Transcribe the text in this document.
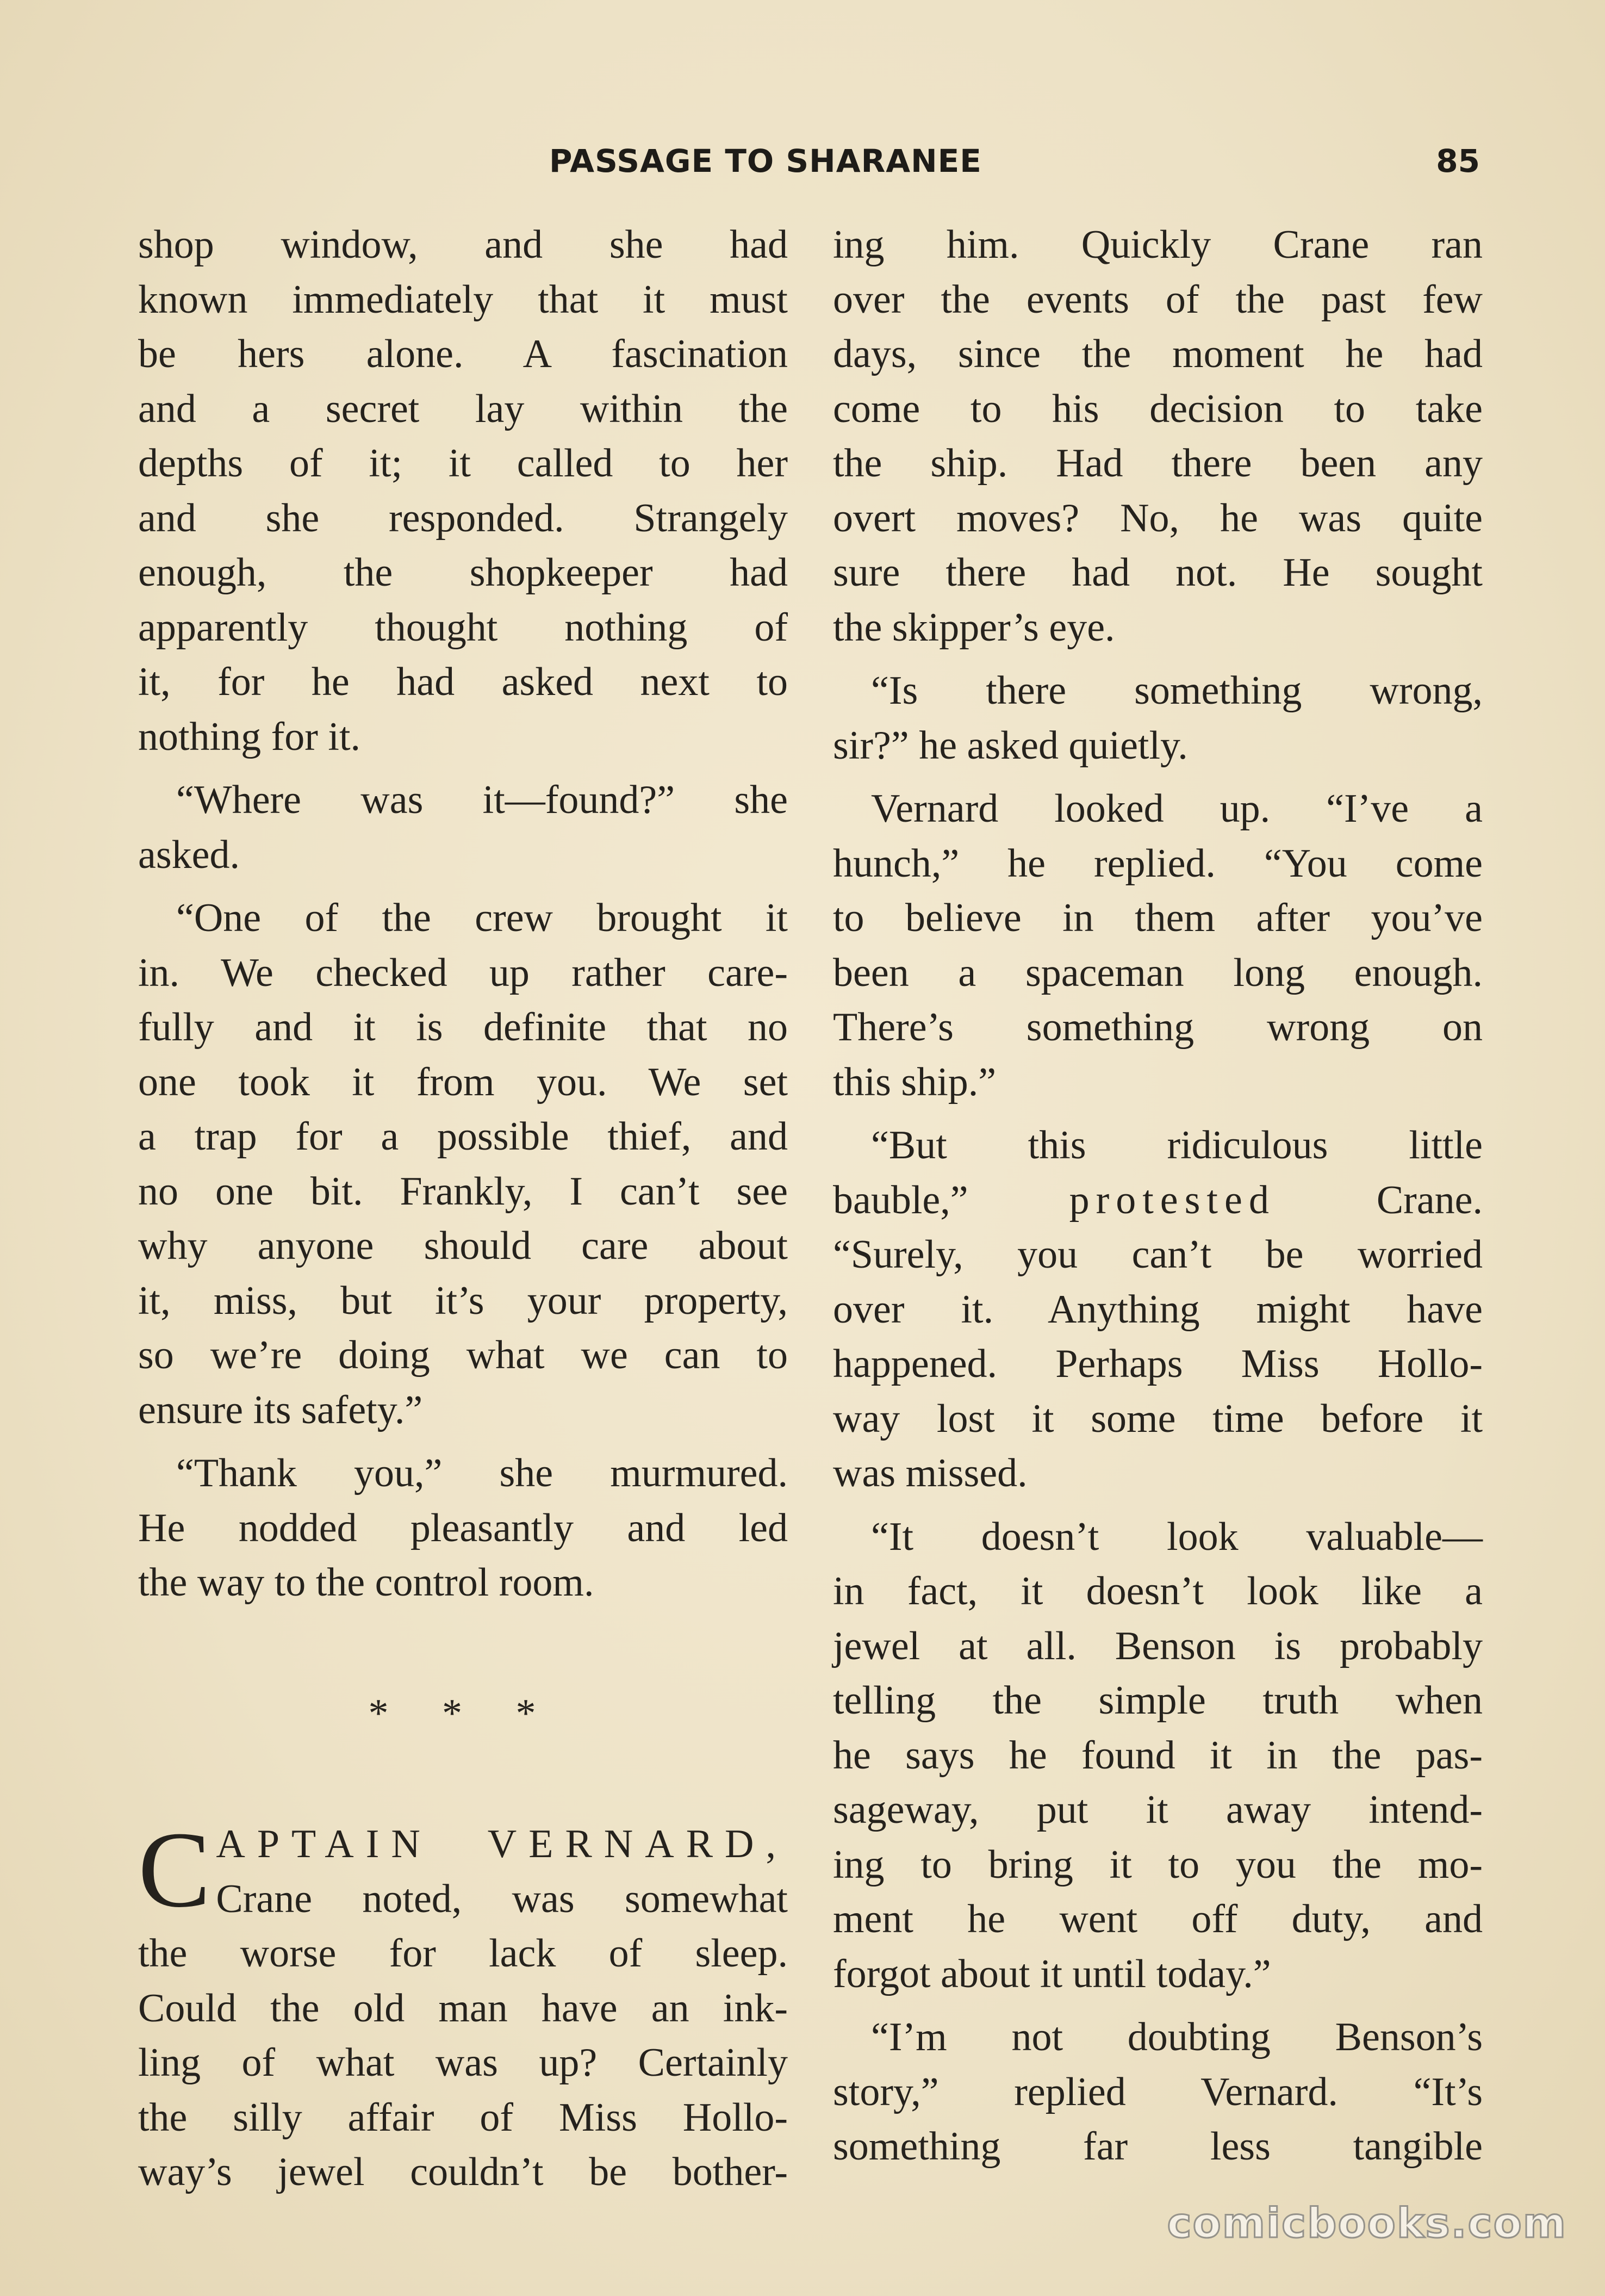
PASSAGE TO SHARANEE	85

shop window, and she had
known immediately that it must
be hers alone. A fascination
and a secret lay within the
depths of it; it called to her
and she responded. Strangely
enough, the shopkeeper had
apparently thought nothing of
it, for he had asked next to
nothing for it.

“Where was it—found?” she
asked.

“One of the crew brought it
in. We checked up rather care-
fully and it is definite that no
one took it from you. We set
a trap for a possible thief, and
no one bit. Frankly, I can’t see
why anyone should care about
it, miss, but it’s your property,
so we’re doing what we can to
ensure its safety.”

“Thank you,” she murmured.
He nodded pleasantly and led
the way to the control room.

* * *

C APTAIN VERNARD,
Crane noted, was somewhat
the worse for lack of sleep.
Could the old man have an ink-
ling of what was up? Certainly
the silly affair of Miss Hollo-
way’s jewel couldn’t be bother-

ing him. Quickly Crane ran
over the events of the past few
days, since the moment he had
come to his decision to take
the ship. Had there been any
overt moves? No, he was quite
sure there had not. He sought
the skipper’s eye.

“Is there something wrong,
sir?” he asked quietly.

Vernard looked up. “I’ve a
hunch,” he replied. “You come
to believe in them after you’ve
been a spaceman long enough.
There’s something wrong on
this ship.”

“But this ridiculous little
bauble,”	protested	Crane.
“Surely, you can’t be worried
over it. Anything might have
happened. Perhaps Miss Hollo-
way lost it some time before it
was missed.

“It doesn’t look valuable—
in fact, it doesn’t look like a
jewel at all. Benson is probably
telling the simple truth when
he says he found it in the pas-
sageway, put it away intend-
ing to bring it to you the mo-
ment he went off duty, and
forgot about it until today.”

“I’m not doubting Benson’s
story,” replied Vernard. “It’s
something far less tangible

comicbooks.com
